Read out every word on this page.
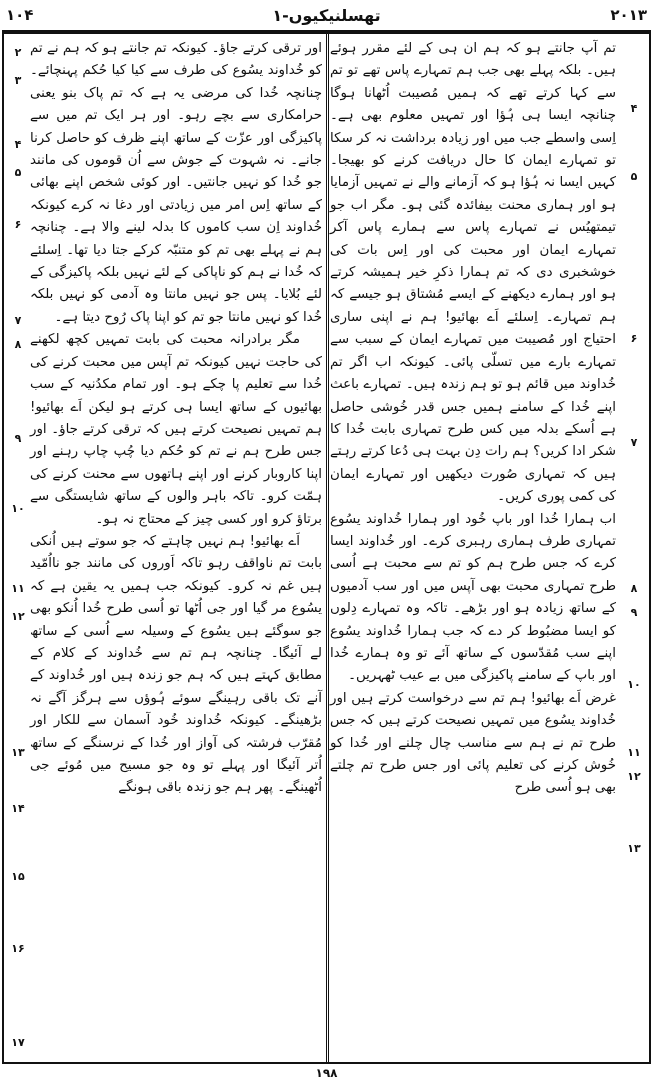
۱۰۴	۱-تھسلنیکیوں	۲۰۱۳
۴
۵
۶
۷
۸
۹
۱۰
۱۱
۱۲
۱۳

تم آپ جانتے ہو کہ ہم ان ہی کے لئے مقرر ہوئے ہیں۔ بلکہ پہلے بھی جب ہم تمہارے پاس تھے تو تم سے کہا کرتے تھے کہ ہمیں مُصیبت اُٹھانا ہوگا چنانچہ ایسا ہی ہُؤا اور تمہیں معلوم بھی ہے۔ اِسی واسطے جب میں اور زیادہ برداشت نہ کر سکا تو تمہارے ایمان کا حال دریافت کرنے کو بھیجا۔ کہیں ایسا نہ ہُؤا ہو کہ آزمانے والے نے تمہیں آزمایا ہو اور ہماری محنت بیفائدہ گئی ہو۔ مگر اب جو تیمتھیُس نے تمہارے پاس سے ہمارے پاس آکر تمہارے ایمان اور محبت کی اور اِس بات کی خوشخبری دی کہ تم ہمارا ذکرِ خیر ہمیشہ کرتے ہو اور ہمارے دیکھنے کے ایسے مُشتاق ہو جیسے کہ ہم تمہارے۔ اِسلئے اَے بھائیو! ہم نے اپنی ساری احتیاج اور مُصیبت میں تمہارے ایمان کے سبب سے تمہارے بارے میں تسلّی پائی۔ کیونکہ اب اگر تم خُداوند میں قائم ہو تو ہم زندہ ہیں۔ تمہارے باعث اپنے خُدا کے سامنے ہمیں جس قدر خُوشی حاصل ہے اُسکے بدلہ میں کس طرح تمہاری بابت خُدا کا شکر ادا کریں؟ ہم رات دِن بہت ہی دُعا کرتے رہتے ہیں کہ تمہاری صُورت دیکھیں اور تمہارے ایمان کی کمی پوری کریں۔

اب ہمارا خُدا اور باپ خُود اور ہمارا خُداوند یسُوع تمہاری طرف ہماری رہبری کرے۔ اور خُداوند ایسا کرے کہ جس طرح ہم کو تم سے محبت ہے اُسی طرح تمہاری محبت بھی آپس میں اور سب آدمیوں کے ساتھ زیادہ ہو اور بڑھے۔ تاکہ وہ تمہارے دِلوں کو ایسا مضبُوط کر دے کہ جب ہمارا خُداوند یسُوع اپنے سب مُقدّسوں کے ساتھ آئے تو وہ ہمارے خُدا اور باپ کے سامنے پاکیزگی میں بے عیب ٹھہریں۔

غرض اَے بھائیو! ہم تم سے درخواست کرتے ہیں اور خُداوند یسُوع میں تمہیں نصیحت کرتے ہیں کہ جس طرح تم نے ہم سے مناسب چال چلنے اور خُدا کو خُوش کرنے کی تعلیم پائی اور جس طرح تم چلتے بھی ہو اُسی طرح

اور ترقی کرتے جاؤ۔ کیونکہ تم جانتے ہو کہ ہم نے تم کو خُداوند یسُوع کی طرف سے کیا کیا حُکم پہنچائے۔ چنانچہ خُدا کی مرضی یہ ہے کہ تم پاک بنو یعنی حرامکاری سے بچے رہو۔ اور ہر ایک تم میں سے پاکیزگی اور عزّت کے ساتھ اپنے ظرف کو حاصل کرنا جانے۔ نہ شہوت کے جوش سے اُن قوموں کی مانند جو خُدا کو نہیں جانتیں۔ اور کوئی شخص اپنے بھائی کے ساتھ اِس امر میں زیادتی اور دغا نہ کرے کیونکہ خُداوند اِن سب کاموں کا بدلہ لینے والا ہے۔ چنانچہ ہم نے پہلے بھی تم کو متنبّہ کرکے جتا دیا تھا۔ اِسلئے کہ خُدا نے ہم کو ناپاکی کے لئے نہیں بلکہ پاکیزگی کے لئے بُلایا۔ پس جو نہیں مانتا وہ آدمی کو نہیں بلکہ خُدا کو نہیں مانتا جو تم کو اپنا پاک رُوح دیتا ہے۔

مگر برادرانہ محبت کی بابت تمہیں کچھ لکھنے کی حاجت نہیں کیونکہ تم آپس میں محبت کرنے کی خُدا سے تعلیم پا چکے ہو۔ اور تمام مکدُنیہ کے سب بھائیوں کے ساتھ ایسا ہی کرتے ہو لیکن اَے بھائیو! ہم تمہیں نصیحت کرتے ہیں کہ ترقی کرتے جاؤ۔ اور جس طرح ہم نے تم کو حُکم دیا چُپ چاپ رہنے اور اپنا کاروبار کرنے اور اپنے ہاتھوں سے محنت کرنے کی ہمّت کرو۔ تاکہ باہر والوں کے ساتھ شایستگی سے برتاؤ کرو اور کسی چیز کے محتاج نہ ہو۔

اَے بھائیو! ہم نہیں چاہتے کہ جو سوتے ہیں اُنکی بابت تم ناواقف رہو تاکہ اَوروں کی مانند جو نااُمّید ہیں غم نہ کرو۔ کیونکہ جب ہمیں یہ یقین ہے کہ یسُوع مر گیا اور جی اُٹھا تو اُسی طرح خُدا اُنکو بھی جو سوگئے ہیں یسُوع کے وسیلہ سے اُسی کے ساتھ لے آئیگا۔ چنانچہ ہم تم سے خُداوند کے کلام کے مطابق کہتے ہیں کہ ہم جو زندہ ہیں اور خُداوند کے آنے تک باقی رہینگے سوئے ہُوؤں سے ہرگز آگے نہ بڑھینگے۔ کیونکہ خُداوند خُود آسمان سے للکار اور مُقرّب فرشتہ کی آواز اور خُدا کے نرسنگے کے ساتھ اُتر آئیگا اور پہلے تو وہ جو مسیح میں مُوئے جی اُٹھینگے۔ پھر ہم جو زندہ باقی ہونگے

۲
۳
۴
۵
۶
۷
۸
۹
۱۰
۱۱
۱۲
۱۳
۱۴
۱۵
۱۶
۱۷
۱۹۸
